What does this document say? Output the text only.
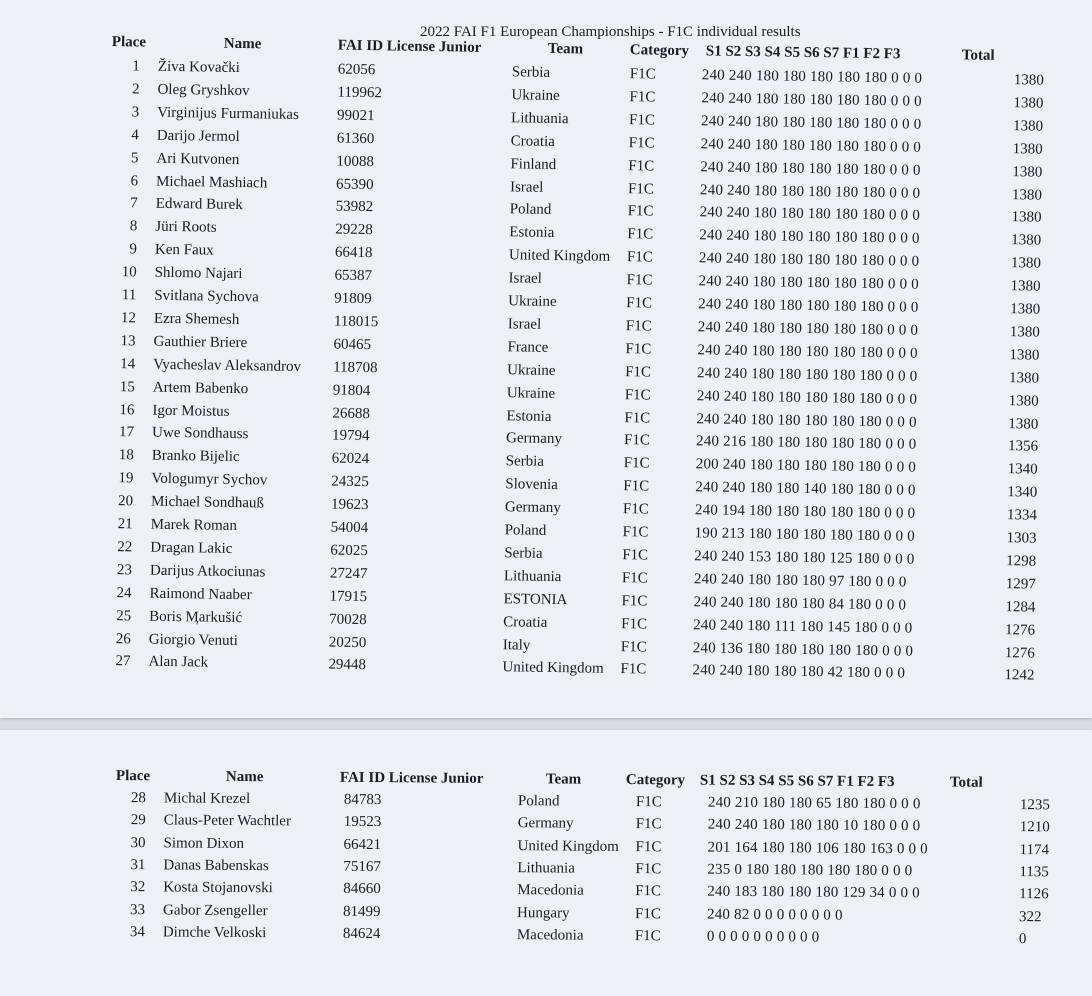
2022 FAI F1 European Championships - F1C individual results
Place	Name	FAI ID License Junior	Team	Category S1 S2 S3 S4 S5 S6 S7 F1 F2 F3	Total
1 Živa Kovački	62056	Serbia	F1C	240 240 180 180 180 180 180 0 0 0	1380
2 Oleg Gryshkov	119962	Ukraine	F1C	240 240 180 180 180 180 180 0 0 0	1380
3 Virginijus Furmaniukas	99021	Lithuania	F1C	240 240 180 180 180 180 180 0 0 0	1380
4 Darijo Jermol	61360	Croatia	F1C	240 240 180 180 180 180 180 0 0 0	1380
5 Ari Kutvonen	10088	Finland	F1C	240 240 180 180 180 180 180 0 0 0	1380
6 Michael Mashiach	65390	Israel	F1C	240 240 180 180 180 180 180 0 0 0	1380
7 Edward Burek	53982	Poland	F1C	240 240 180 180 180 180 180 0 0 0	1380
8 Jüri Roots	29228	Estonia	F1C	240 240 180 180 180 180 180 0 0 0	1380
9 Ken Faux	66418	United Kingdom F1C	240 240 180 180 180 180 180 0 0 0	1380
10 Shlomo Najari	65387	Israel	F1C	240 240 180 180 180 180 180 0 0 0	1380
11 Svitlana Sychova	91809	Ukraine	F1C	240 240 180 180 180 180 180 0 0 0	1380
12 Ezra Shemesh	118015	Israel	F1C	240 240 180 180 180 180 180 0 0 0	1380
13 Gauthier Briere	60465	France	F1C	240 240 180 180 180 180 180 0 0 0	1380
14 Vyacheslav Aleksandrov 118708	Ukraine	F1C	240 240 180 180 180 180 180 0 0 0	1380
15 Artem Babenko	91804	Ukraine	F1C	240 240 180 180 180 180 180 0 0 0	1380
16 Igor Moistus	26688	Estonia	F1C	240 240 180 180 180 180 180 0 0 0	1380
17 Uwe Sondhauss	19794	Germany	F1C	240 216 180 180 180 180 180 0 0 0	1356
18 Branko Bijelic	62024	Serbia	F1C	200 240 180 180 180 180 180 0 0 0	1340
19 Vologumyr Sychov	24325	Slovenia	F1C	240 240 180 180 140 180 180 0 0 0	1340
20 Michael Sondhauß	19623	Germany	F1C	240 194 180 180 180 180 180 0 0 0	1334
21 Marek Roman	54004	Poland	F1C	190 213 180 180 180 180 180 0 0 0	1303
22 Dragan Lakic	62025	Serbia	F1C	240 240 153 180 180 125 180 0 0 0	1298
23 Darijus Atkociunas	27247	Lithuania	F1C	240 240 180 180 180 97 180 0 0 0	1297
24 Raimond Naaber	17915	ESTONIA	F1C	240 240 180 180 180 84 180 0 0 0	1284
25 Boris Ӎarkušić	70028	Croatia	F1C	240 240 180 111 180 145 180 0 0 0	1276
26 Giorgio Venuti	20250	Italy	F1C	240 136 180 180 180 180 180 0 0 0	1276
27 Alan Jack	29448	United Kingdom F1C	240 240 180 180 180 42 180 0 0 0	1242
Place	Name	FAI ID License Junior	Team	Category S1 S2 S3 S4 S5 S6 S7 F1 F2 F3	Total
28 Michal Krezel	84783	Poland	F1C	240 210 180 180 65 180 180 0 0 0	1235
29 Claus-Peter Wachtler	19523	Germany	F1C	240 240 180 180 180 10 180 0 0 0	1210
30 Simon Dixon	66421	United Kingdom F1C	201 164 180 180 106 180 163 0 0 0	1174
31 Danas Babenskas	75167	Lithuania	F1C	235 0 180 180 180 180 180 0 0 0	1135
32 Kosta Stojanovski	84660	Macedonia	F1C	240 183 180 180 180 129 34 0 0 0	1126
33 Gabor Zsengeller	81499	Hungary	F1C	240 82 0 0 0 0 0 0 0 0	322
34 Dimche Velkoski	84624	Macedonia	F1C	0 0 0 0 0 0 0 0 0 0	0
